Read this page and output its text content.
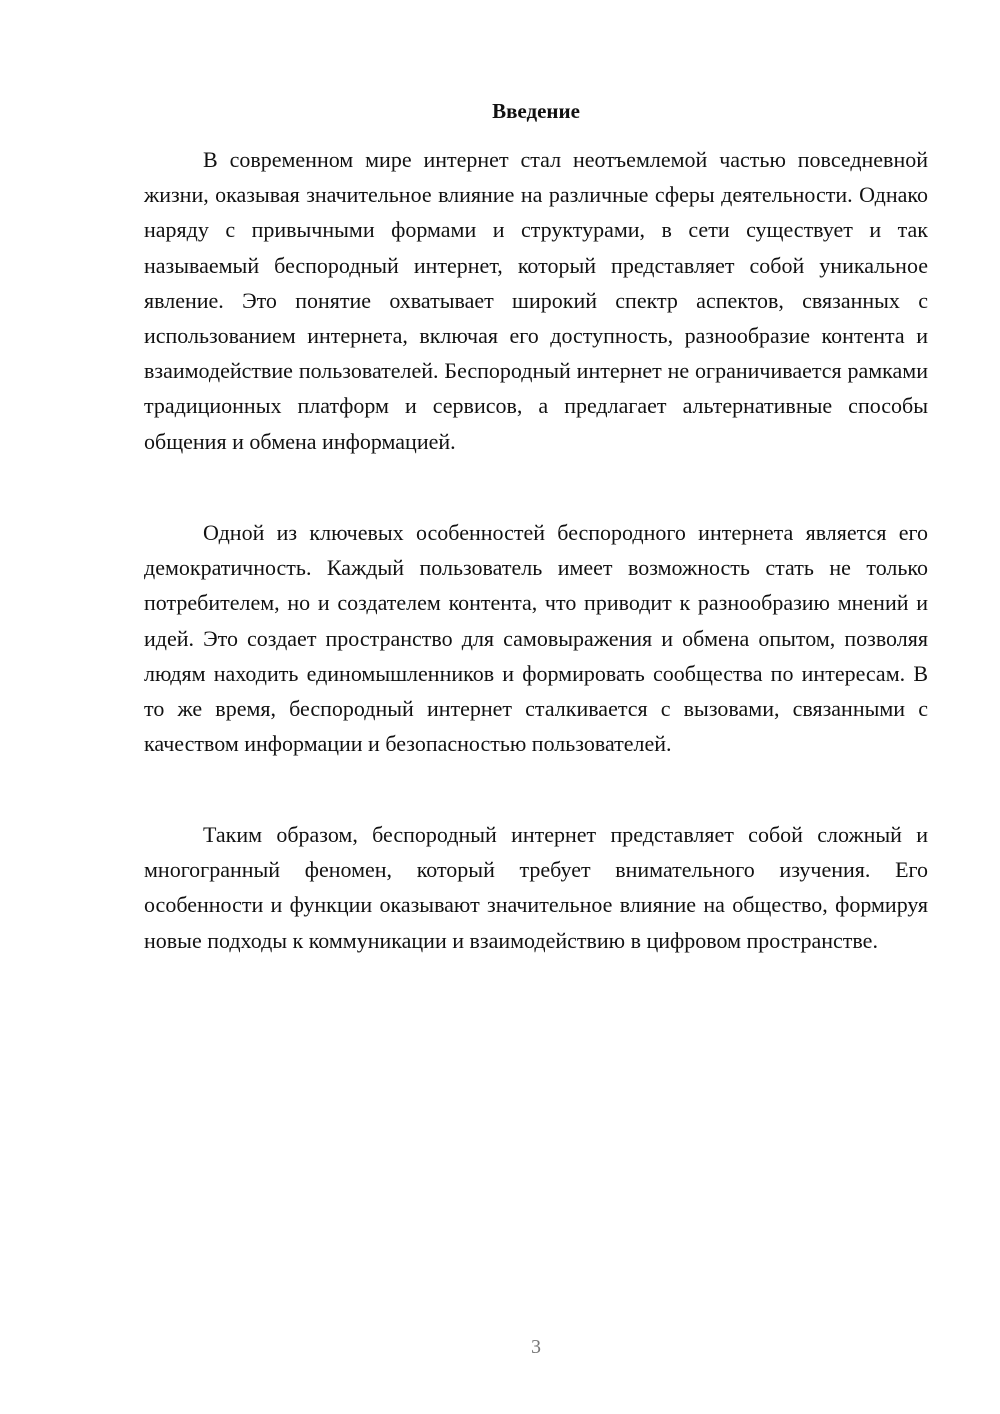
Введение

В современном мире интернет стал неотъемлемой частью повседневной жизни, оказывая значительное влияние на различные сферы деятельности. Однако наряду с привычными формами и структурами, в сети существует и так называемый беспородный интернет, который представляет собой уникальное явление. Это понятие охватывает широкий спектр аспектов, связанных с использованием интернета, включая его доступность, разнообразие контента и взаимодействие пользователей. Беспородный интернет не ограничивается рамками традиционных платформ и сервисов, а предлагает альтернативные способы общения и обмена информацией.

Одной из ключевых особенностей беспородного интернета является его демократичность. Каждый пользователь имеет возможность стать не только потребителем, но и создателем контента, что приводит к разнообразию мнений и идей. Это создает пространство для самовыражения и обмена опытом, позволяя людям находить единомышленников и формировать сообщества по интересам. В то же время, беспородный интернет сталкивается с вызовами, связанными с качеством информации и безопасностью пользователей.

Таким образом, беспородный интернет представляет собой сложный и многогранный феномен, который требует внимательного изучения. Его особенности и функции оказывают значительное влияние на общество, формируя новые подходы к коммуникации и взаимодействию в цифровом пространстве.

3
